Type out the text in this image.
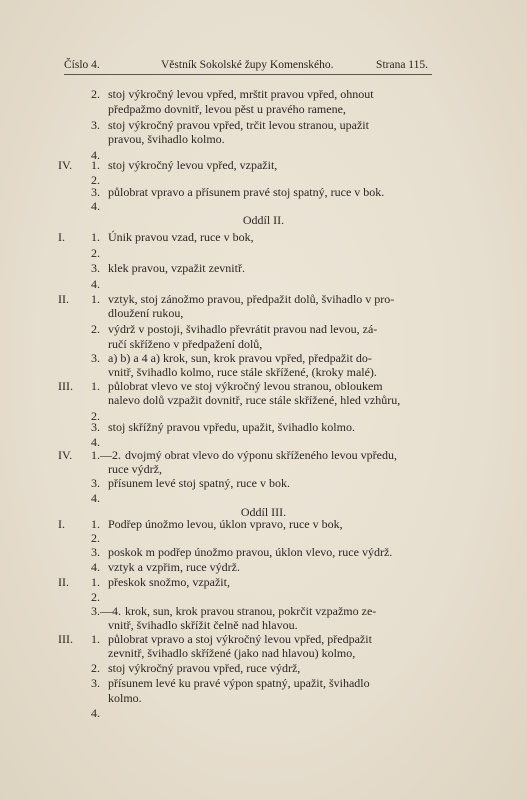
Číslo 4.	Věstník Sokolské župy Komenského.	Strana 115.
2. stoj výkročný levou vpřed, mrštit pravou vpřed, ohnout
předpažmo dovnitř, levou pěst u pravého ramene,
3. stoj výkročný pravou vpřed, trčit levou stranou, upažit
pravou, švihadlo kolmo.
4.
IV.	1. stoj výkročný levou vpřed, vzpažit,
2.
3. půlobrat vpravo a přísunem pravé stoj spatný, ruce v bok.
4.
Oddíl II.
I.	1. Únik pravou vzad, ruce v bok,
2.
3. klek pravou, vzpažit zevnitř.
4.
II.	1. vztyk, stoj zánožmo pravou, předpažit dolů, švihadlo v pro-
dloužení rukou,
2. výdrž v postoji, švihadlo převrátit pravou nad levou, zá-
ručí skříženo v předpažení dolů,
3. a) b) a 4 a) krok, sun, krok pravou vpřed, předpažit do-
vnitř, švihadlo kolmo, ruce stále skřížené, (kroky malé).
III.	1. půlobrat vlevo ve stoj výkročný levou stranou, obloukem
nalevo dolů vzpažit dovnitř, ruce stále skřížené, hled vzhůru,
2.
3. stoj skřížný pravou vpředu, upažit, švihadlo kolmo.
4.
IV.	1.—2. dvojmý obrat vlevo do výponu skříženého levou vpředu,
ruce výdrž,
3. přísunem levé stoj spatný, ruce v bok.
4.
Oddíl III.
I.	1. Podřep únožmo levou, úklon vpravo, ruce v bok,
2.
3. poskok m podřep únožmo pravou, úklon vlevo, ruce výdrž.
4. vztyk a vzpřim, ruce výdrž.
II.	1. přeskok snožmo, vzpažit,
2.
3.—4. krok, sun, krok pravou stranou, pokrčit vzpažmo ze-
vnitř, švihadlo skřížit čelně nad hlavou.
III.	1. půlobrat vpravo a stoj výkročný levou vpřed, předpažit
zevnitř, švihadlo skřížené (jako nad hlavou) kolmo,
2. stoj výkročný pravou vpřed, ruce výdrž,
3. přísunem levé ku pravé výpon spatný, upažit, švihadlo
kolmo.
4.
